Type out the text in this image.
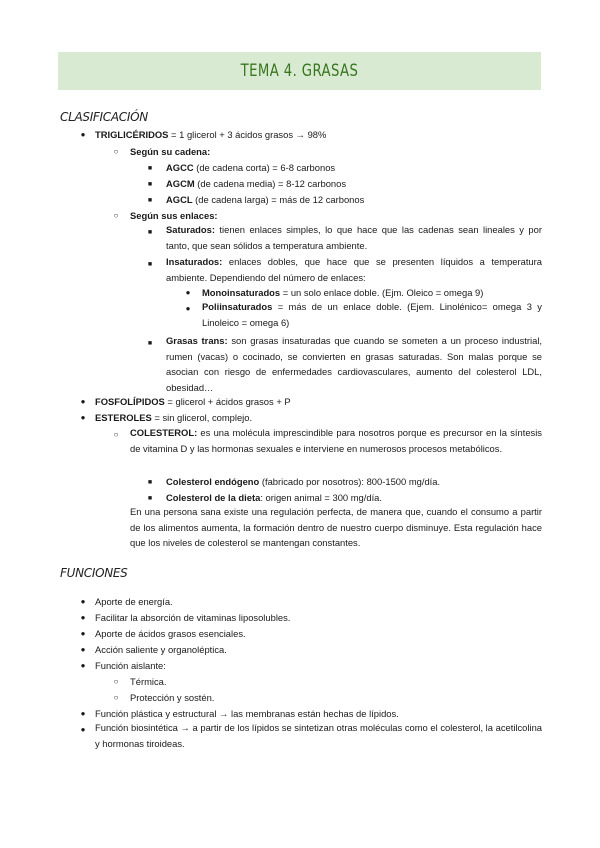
TEMA 4. GRASAS
CLASIFICACIÓN
●
TRIGLICÉRIDOS = 1 glicerol + 3 ácidos grasos → 98%
○
Según su cadena:
■
AGCC (de cadena corta) = 6-8 carbonos
■
AGCM (de cadena media) = 8-12 carbonos
■
AGCL (de cadena larga) = más de 12 carbonos
○
Según sus enlaces:
■
Saturados: tienen enlaces simples, lo que hace que las cadenas sean lineales y por tanto, que sean sólidos a temperatura ambiente.
■
Insaturados: enlaces dobles, que hace que se presenten líquidos a temperatura ambiente. Dependiendo del número de enlaces:
●
Monoinsaturados = un solo enlace doble. (Ejm. Oleico = omega 9)
●
Poliinsaturados = más de un enlace doble. (Ejem. Linolénico= omega 3 y Linoleico = omega 6)
■
Grasas trans: son grasas insaturadas que cuando se someten a un proceso industrial, rumen (vacas) o cocinado, se convierten en grasas saturadas. Son malas porque se asocian con riesgo de enfermedades cardiovasculares, aumento del colesterol LDL, obesidad…
●
FOSFOLÍPIDOS = glicerol + ácidos grasos + P
●
ESTEROLES = sin glicerol, complejo.
○
COLESTEROL: es una molécula imprescindible para nosotros porque es precursor en la síntesis de vitamina D y las hormonas sexuales e interviene en numerosos procesos metabólicos.
■
Colesterol endógeno (fabricado por nosotros): 800-1500 mg/día.
■
Colesterol de la dieta: origen animal = 300 mg/día.
En una persona sana existe una regulación perfecta, de manera que, cuando el consumo a partir de los alimentos aumenta, la formación dentro de nuestro cuerpo disminuye. Esta regulación hace que los niveles de colesterol se mantengan constantes.
FUNCIONES
●
Aporte de energía.
●
Facilitar la absorción de vitaminas liposolubles.
●
Aporte de ácidos grasos esenciales.
●
Acción saliente y organoléptica.
●
Función aislante:
○
Térmica.
○
Protección y sostén.
●
Función plástica y estructural → las membranas están hechas de lípidos.
●
Función biosintética → a partir de los lípidos se sintetizan otras moléculas como el colesterol, la acetilcolina y hormonas tiroideas.
